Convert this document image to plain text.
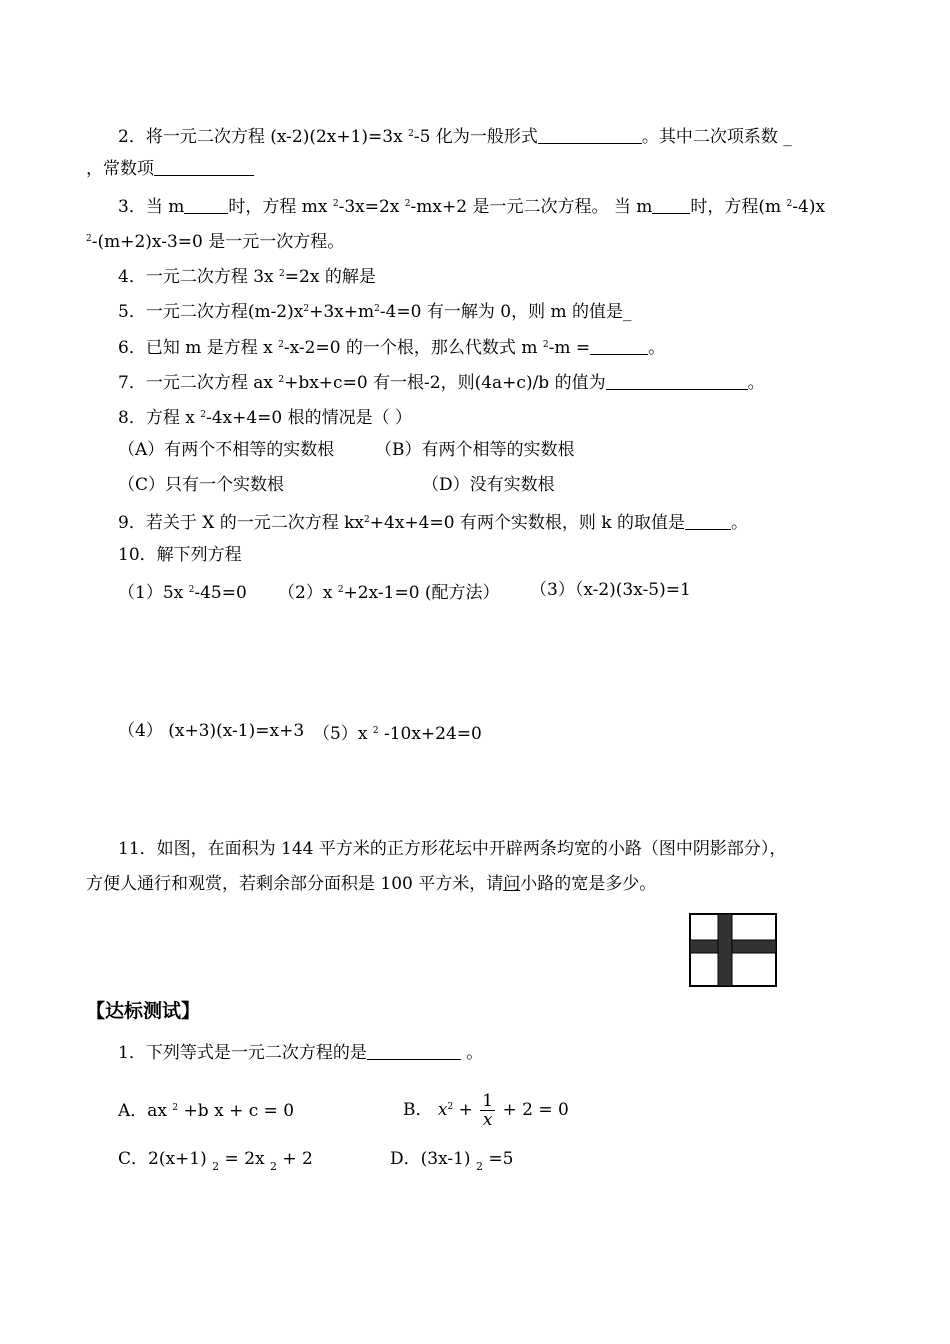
2．将一元二次方程 (x-2)(2x+1)=3x $^2$-5 化为一般形式	。其中二次项系数 _
，常数项
3．当 m	时，方程 mx $^2$-3x=2x $^2$-mx+2 是一元二次方程。 当 m 时，方程(m $^2$-4)x
$^2$-(m+2)x-3=0 是一元一次方程。
4．一元二次方程 3x $^2$=2x 的解是
5．一元二次方程$(m-2)x^2+3x+m^2-4=0$ 有一解为 0，则 m 的值是_
6．已知 m 是方程 x $^2$-x-2=0 的一个根，那么代数式 m $^2$-m =	。
7．一元二次方程 ax $^2$+bx+c=0 有一根-2，则(4a+c)/b 的值为	。
8．方程 x $^2$-4x+4=0 根的情况是（ ）
（A）有两个不相等的实数根 （B）有两个相等的实数根
（C）只有一个实数根	（D）没有实数根
9．若关于 X 的一元二次方程 $kx^2+4x+4=0$ 有两个实数根，则 k 的取值是	。
10．解下列方程
（1）5x $^2$-45=0 （2）x $^2$+2x-1=0 (配方法） （3）（x-2)(3x-5)=1
（4） (x+3)(x-1)=x+3 （5）x $^2$ -10x+24=0
11．如图，在面积为 144 平方米的正方形花坛中开辟两条均宽的小路（图中阴影部分），
方便人通行和观赏，若剩余部分面积是 100 平方米，请问小路的宽是多少。
【达标测试】
1．下列等式是一元二次方程的是	。
A．ax $^2$ +b x + c = 0	B． $x^2 + \frac{1}{x} + 2 = 0$
C．2(x+1) $_2$ = 2x $_2$ + 2	D．(3x-1) $_2$ =5
